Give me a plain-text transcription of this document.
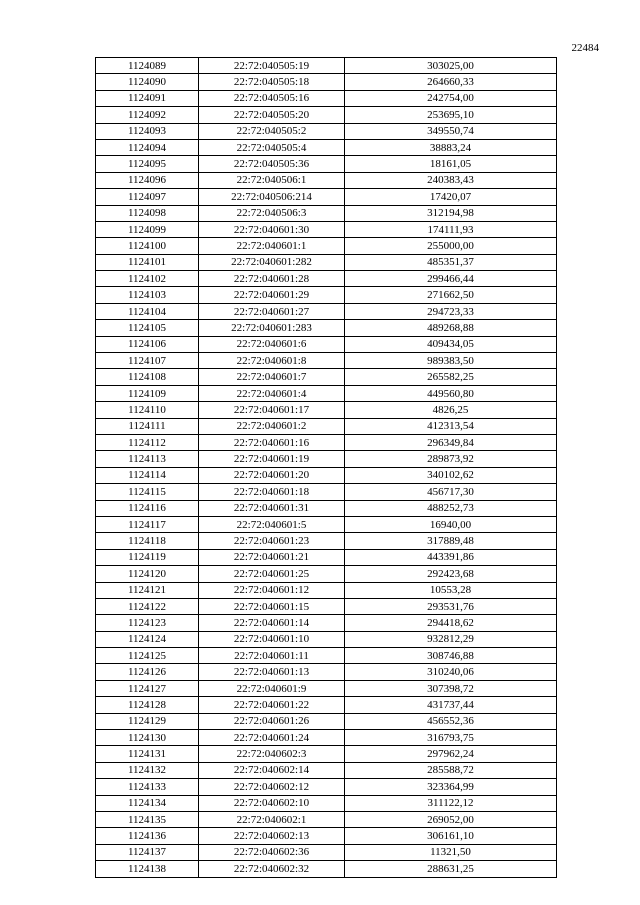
22484
1124089	22:72:040505:19	303025,00
1124090	22:72:040505:18	264660,33
1124091	22:72:040505:16	242754,00
1124092	22:72:040505:20	253695,10
1124093	22:72:040505:2	349550,74
1124094	22:72:040505:4	38883,24
1124095	22:72:040505:36	18161,05
1124096	22:72:040506:1	240383,43
1124097	22:72:040506:214	17420,07
1124098	22:72:040506:3	312194,98
1124099	22:72:040601:30	174111,93
1124100	22:72:040601:1	255000,00
1124101	22:72:040601:282	485351,37
1124102	22:72:040601:28	299466,44
1124103	22:72:040601:29	271662,50
1124104	22:72:040601:27	294723,33
1124105	22:72:040601:283	489268,88
1124106	22:72:040601:6	409434,05
1124107	22:72:040601:8	989383,50
1124108	22:72:040601:7	265582,25
1124109	22:72:040601:4	449560,80
1124110	22:72:040601:17	4826,25
1124111	22:72:040601:2	412313,54
1124112	22:72:040601:16	296349,84
1124113	22:72:040601:19	289873,92
1124114	22:72:040601:20	340102,62
1124115	22:72:040601:18	456717,30
1124116	22:72:040601:31	488252,73
1124117	22:72:040601:5	16940,00
1124118	22:72:040601:23	317889,48
1124119	22:72:040601:21	443391,86
1124120	22:72:040601:25	292423,68
1124121	22:72:040601:12	10553,28
1124122	22:72:040601:15	293531,76
1124123	22:72:040601:14	294418,62
1124124	22:72:040601:10	932812,29
1124125	22:72:040601:11	308746,88
1124126	22:72:040601:13	310240,06
1124127	22:72:040601:9	307398,72
1124128	22:72:040601:22	431737,44
1124129	22:72:040601:26	456552,36
1124130	22:72:040601:24	316793,75
1124131	22:72:040602:3	297962,24
1124132	22:72:040602:14	285588,72
1124133	22:72:040602:12	323364,99
1124134	22:72:040602:10	311122,12
1124135	22:72:040602:1	269052,00
1124136	22:72:040602:13	306161,10
1124137	22:72:040602:36	11321,50
1124138	22:72:040602:32	288631,25
